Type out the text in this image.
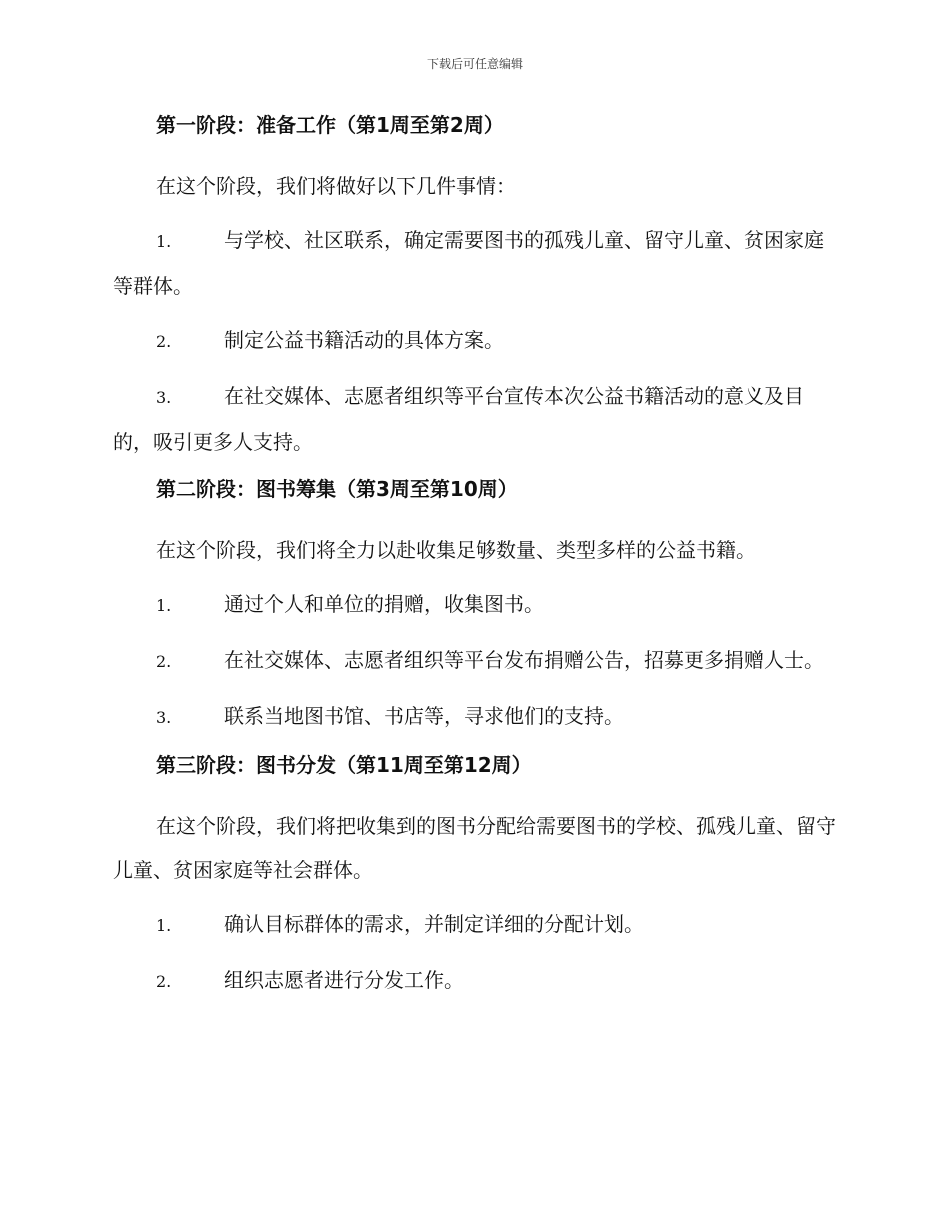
下载后可任意编辑
第一阶段：准备工作（第1周至第2周）
在这个阶段，我们将做好以下几件事情：
1.	与学校、社区联系，确定需要图书的孤残儿童、留守儿童、贫困家庭等群体。
2.	制定公益书籍活动的具体方案。
3.	在社交媒体、志愿者组织等平台宣传本次公益书籍活动的意义及目的，吸引更多人支持。
第二阶段：图书筹集（第3周至第10周）
在这个阶段，我们将全力以赴收集足够数量、类型多样的公益书籍。
1.	通过个人和单位的捐赠，收集图书。
2.	在社交媒体、志愿者组织等平台发布捐赠公告，招募更多捐赠人士。
3.	联系当地图书馆、书店等，寻求他们的支持。
第三阶段：图书分发（第11周至第12周）
在这个阶段，我们将把收集到的图书分配给需要图书的学校、孤残儿童、留守儿童、贫困家庭等社会群体。
1.	确认目标群体的需求，并制定详细的分配计划。
2.	组织志愿者进行分发工作。
